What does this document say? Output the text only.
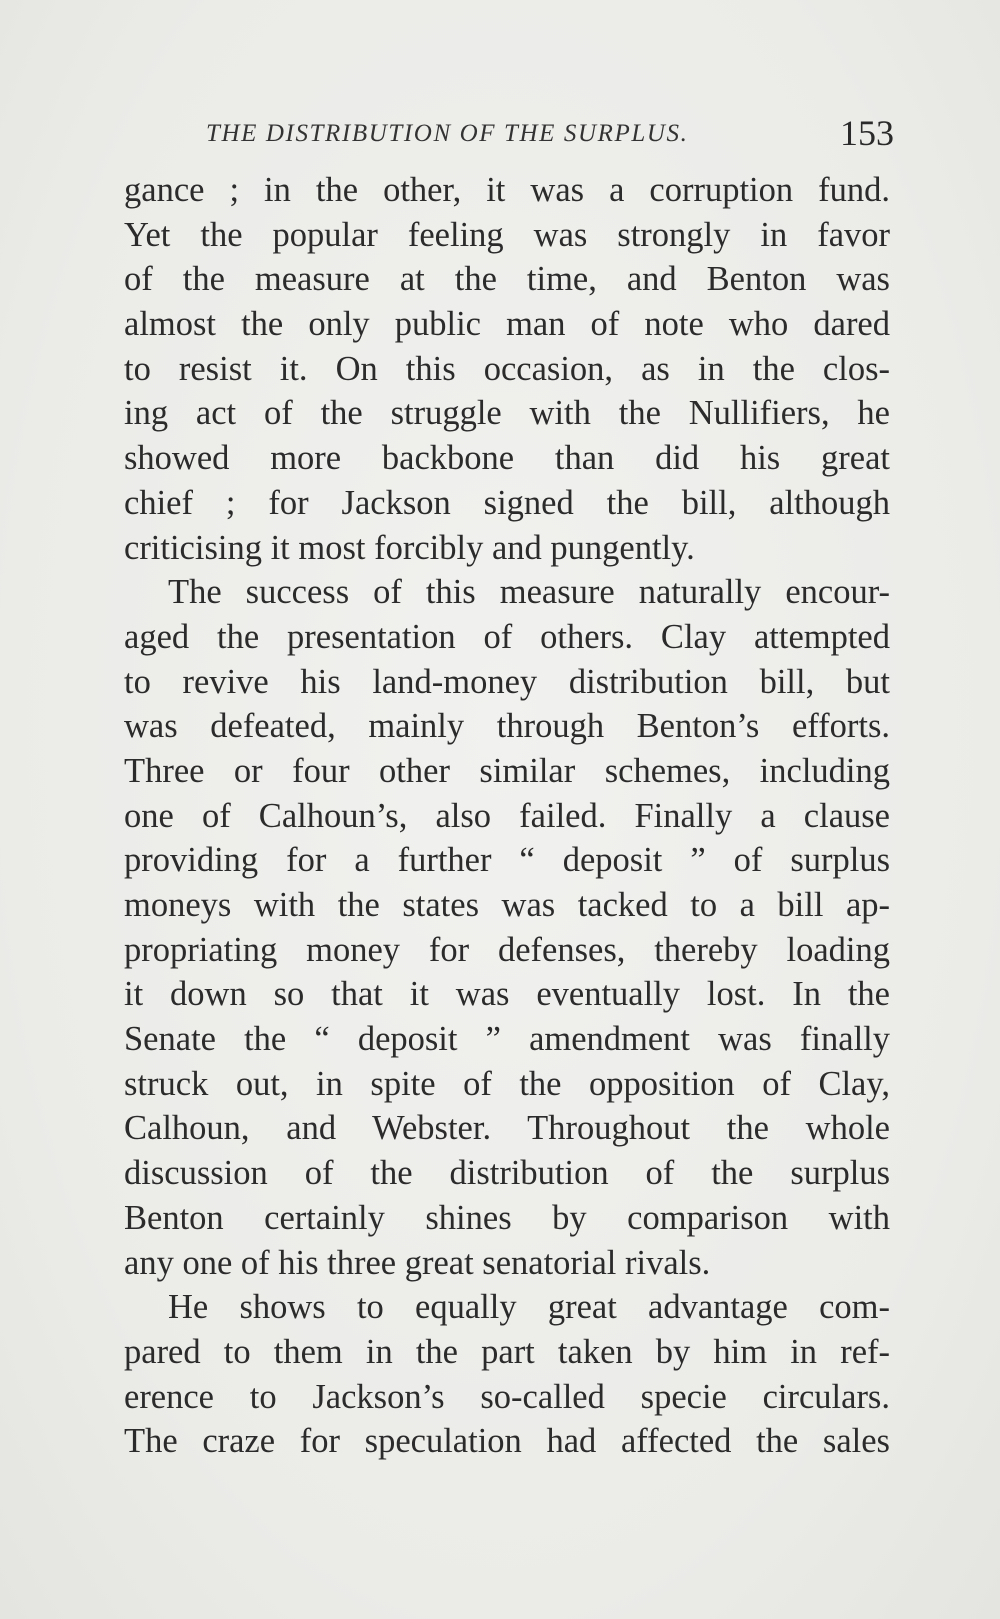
THE DISTRIBUTION OF THE SURPLUS.	153
gance ; in the other, it was a corruption fund.
Yet the popular feeling was strongly in favor
of the measure at the time, and Benton was
almost the only public man of note who dared
to resist it. On this occasion, as in the clos-
ing act of the struggle with the Nullifiers, he
showed more backbone than did his great
chief ; for Jackson signed the bill, although
criticising it most forcibly and pungently.
The success of this measure naturally encour-
aged the presentation of others. Clay attempted
to revive his land-money distribution bill, but
was defeated, mainly through Benton’s efforts.
Three or four other similar schemes, including
one of Calhoun’s, also failed. Finally a clause
providing for a further “ deposit ” of surplus
moneys with the states was tacked to a bill ap-
propriating money for defenses, thereby loading
it down so that it was eventually lost. In the
Senate the “ deposit ” amendment was finally
struck out, in spite of the opposition of Clay,
Calhoun, and Webster. Throughout the whole
discussion of the distribution of the surplus
Benton certainly shines by comparison with
any one of his three great senatorial rivals.
He shows to equally great advantage com-
pared to them in the part taken by him in ref-
erence to Jackson’s so-called specie circulars.
The craze for speculation had affected the sales
